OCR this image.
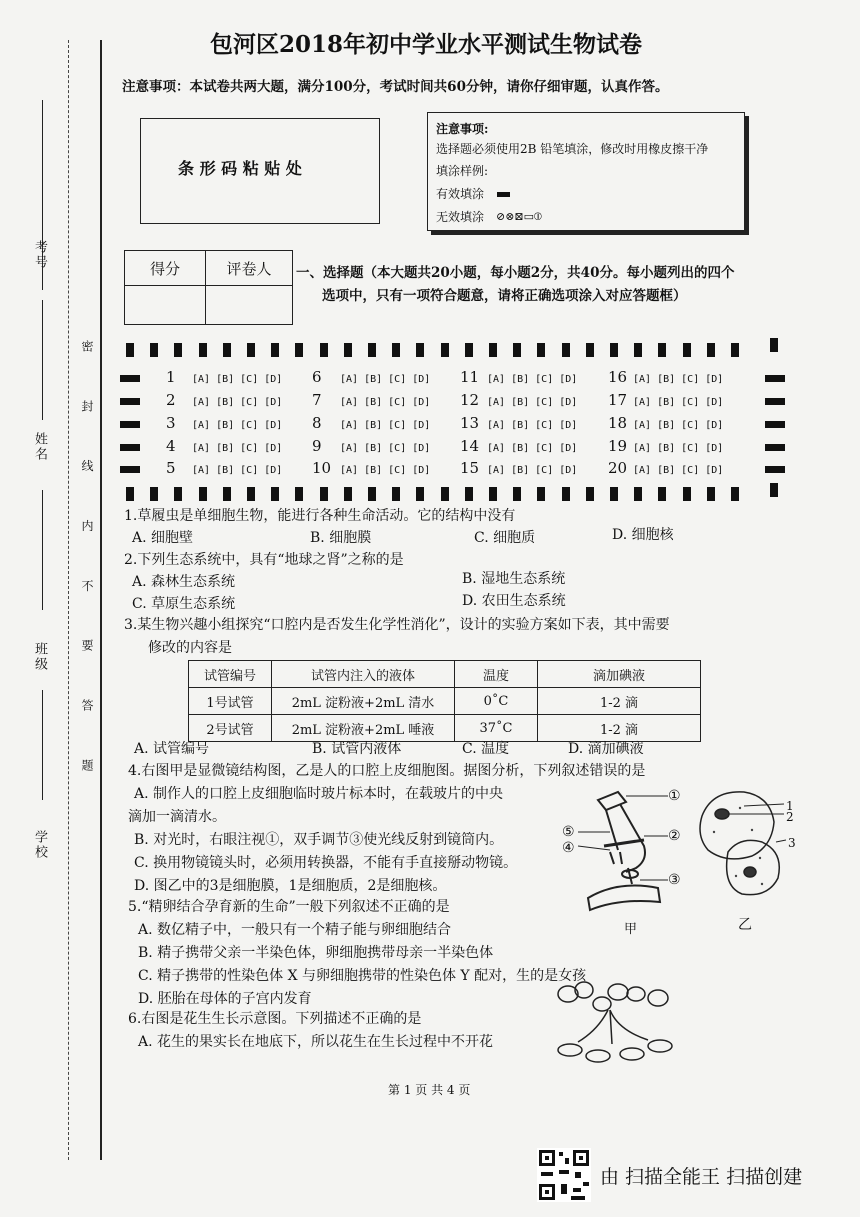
考号
姓名
班级
学校
密 封 线 内 不 要 答 题
包河区2018年初中学业水平测试生物试卷
注意事项：本试卷共两大题，满分100分，考试时间共60分钟，请你仔细审题，认真作答。
条 形 码 粘 贴 处
注意事项:
选择题必须使用2B 铅笔填涂，修改时用橡皮擦干净
填涂样例:
有效填涂
无效填涂 ⊘⊗⊠▭⦶
得分	评卷人
	一、选择题（本大题共20小题，每小题2分，共40分。每小题列出的四个
选项中，只有一项符合题意，请将正确选项涂入对应答题框）
1 [A] [B] [C] [D]
2 [A] [B] [C] [D]
3 [A] [B] [C] [D]
4 [A] [B] [C] [D]
5 [A] [B] [C] [D]
6 [A] [B] [C] [D]
7 [A] [B] [C] [D]
8 [A] [B] [C] [D]
9 [A] [B] [C] [D]
10 [A] [B] [C] [D]
11 [A] [B] [C] [D]
12 [A] [B] [C] [D]
13 [A] [B] [C] [D]
14 [A] [B] [C] [D]
15 [A] [B] [C] [D]
16 [A] [B] [C] [D]
17 [A] [B] [C] [D]
18 [A] [B] [C] [D]
19 [A] [B] [C] [D]
20 [A] [B] [C] [D]
1.草履虫是单细胞生物，能进行各种生命活动。它的结构中没有
A. 细胞壁	B. 细胞膜	C. 细胞质	D. 细胞核
2.下列生态系统中，具有“地球之肾”之称的是
A. 森林生态系统	B. 湿地生态系统
C. 草原生态系统	D. 农田生态系统
3.某生物兴趣小组探究“口腔内是否发生化学性消化”，设计的实验方案如下表，其中需要
修改的内容是
试管编号	试管内注入的液体	温度	滴加碘液
1号试管	2mL 淀粉液+2mL 清水	0˚C	1-2 滴
2号试管	2mL 淀粉液+2mL 唾液	37˚C	1-2 滴
A. 试管编号	B. 试管内液体	C. 温度	D. 滴加碘液
4.右图甲是显微镜结构图，乙是人的口腔上皮细胞图。据图分析，下列叙述错误的是
A. 制作人的口腔上皮细胞临时玻片标本时，在载玻片的中央
滴加一滴清水。
B. 对光时，右眼注视①，双手调节③使光线反射到镜筒内。
C. 换用物镜镜头时，必须用转换器，不能有手直接掰动物镜。
D. 图乙中的3是细胞膜，1是细胞质，2是细胞核。
5.“精卵结合孕育新的生命”一般下列叙述不正确的是
A. 数亿精子中，一般只有一个精子能与卵细胞结合
B. 精子携带父亲一半染色体，卵细胞携带母亲一半染色体
C. 精子携带的性染色体 X 与卵细胞携带的性染色体 Y 配对，生的是女孩
D. 胚胎在母体的子宫内发育
6.右图是花生生长示意图。下列描述不正确的是
A. 花生的果实长在地底下，所以花生在生长过程中不开花
①
②
③
④
⑤
甲
1
2
3
乙
第 1 页 共 4 页
由 扫描全能王 扫描创建
